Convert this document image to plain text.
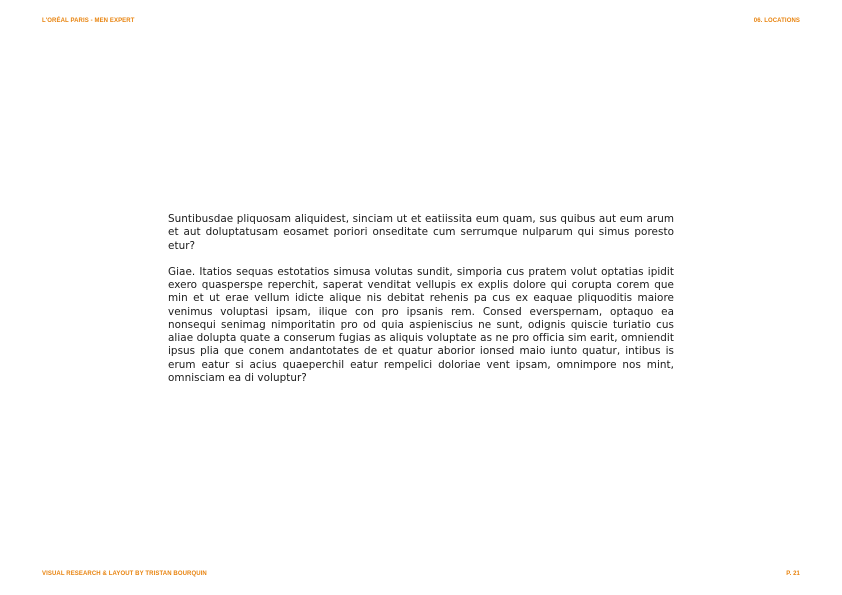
L'ORÉAL PARIS - MEN EXPERT	06. LOCATIONS

Suntibusdae pliquosam aliquidest, sinciam ut et eatiissita eum quam, sus quibus aut eum arum et aut doluptatusam eosamet poriori onseditate cum serrumque nulparum qui simus poresto etur?

Giae. Itatios sequas estotatios simusa volutas sundit, simporia cus pratem volut optatias ipidit exero quasperspe reperchit, saperat venditat vellupis ex explis dolore qui corupta corem que min et ut erae vellum idicte alique nis debitat rehenis pa cus ex eaquae pliquoditis maiore venimus voluptasi ipsam, ilique con pro ipsanis rem. Consed everspernam, optaquo ea nonsequi senimag nimporitatin pro od quia aspieniscius ne sunt, odignis quiscie turiatio cus aliae dolupta quate a conserum fugias as aliquis voluptate as ne pro officia sim earit, omniendit ipsus plia que conem andantotates de et quatur aborior ionsed maio iunto quatur, intibus is erum eatur si acius quaeperchil eatur rempelici doloriae vent ipsam, omnimpore nos mint, omnisciam ea di voluptur?

VISUAL RESEARCH & LAYOUT BY TRISTAN BOURQUIN	P. 21
